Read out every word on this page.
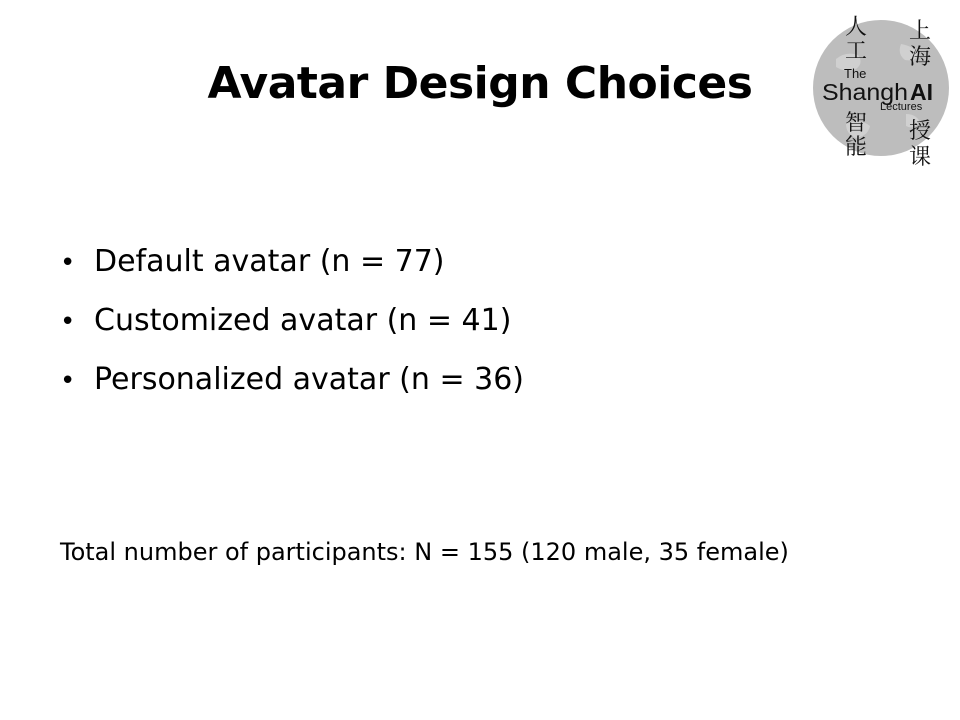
Avatar Design Choices
人
工
智
能
上
海
授
课
The
Shangh AI
Lectures
• Default avatar (n = 77)
• Customized avatar (n = 41)
• Personalized avatar (n = 36)
Total number of participants: N = 155 (120 male, 35 female)
